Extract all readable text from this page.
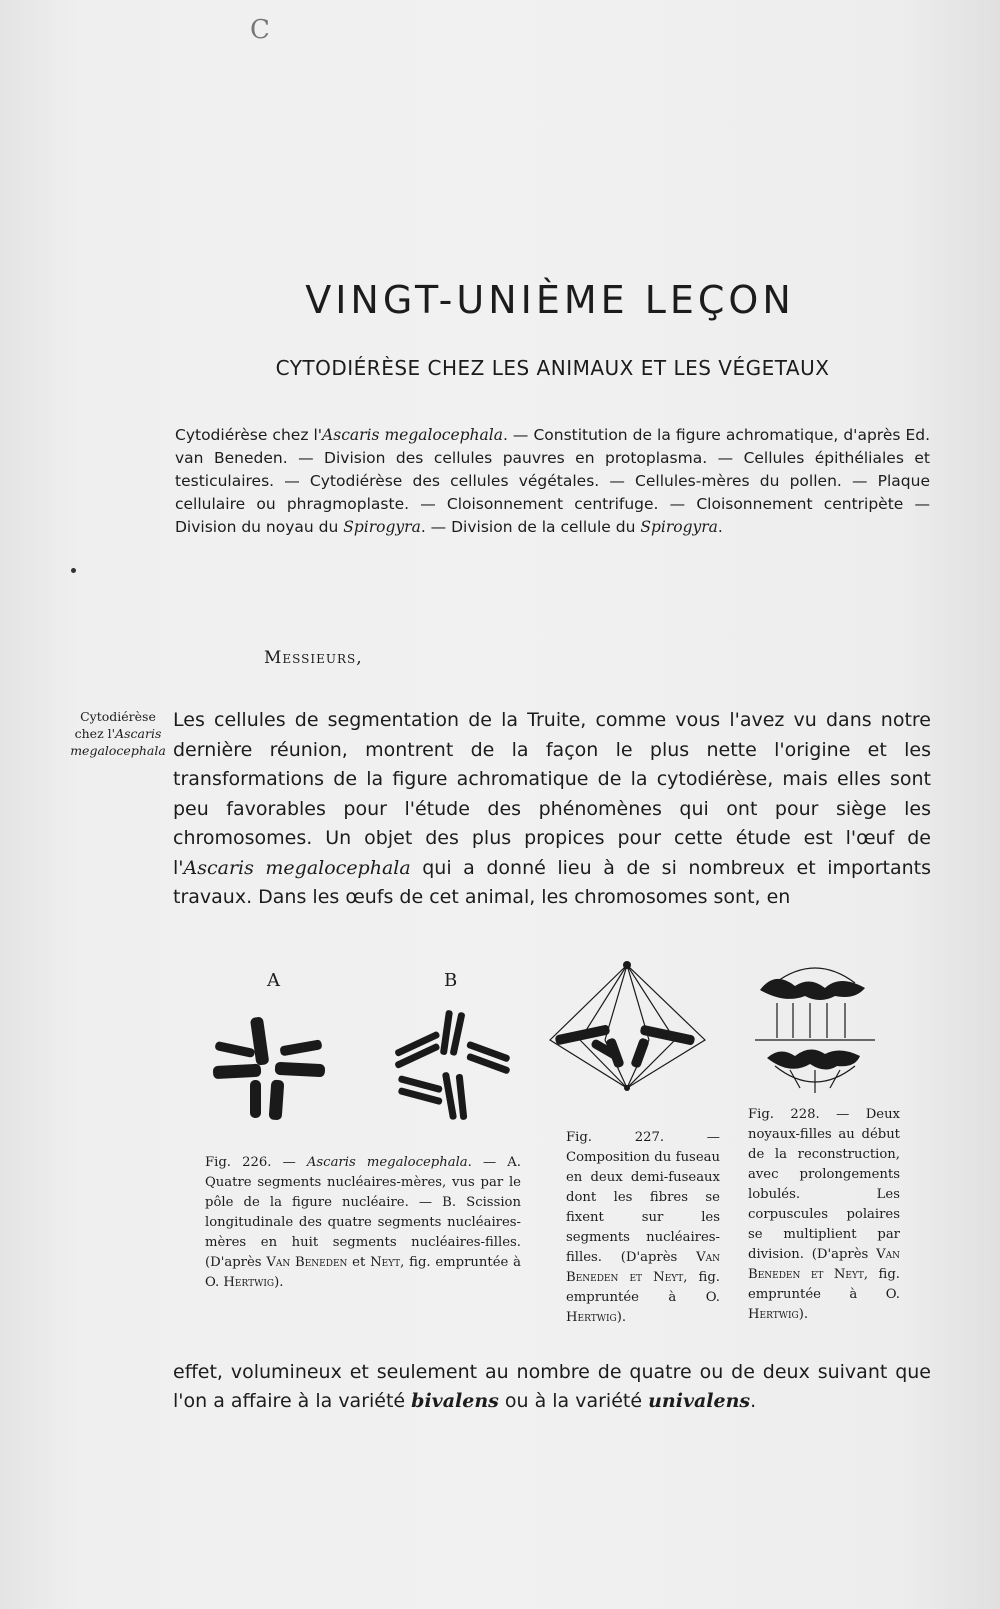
C
VINGT-UNIÈME LEÇON
CYTODIÉRÈSE CHEZ LES ANIMAUX ET LES VÉGETAUX
Cytodiérèse chez l'Ascaris megalocephala. — Constitution de la figure achromatique, d'après Ed. van Beneden. — Division des cellules pauvres en protoplasma. — Cellules épithéliales et testiculaires. — Cytodiérèse des cellules végétales. — Cellules-mères du pollen. — Plaque cellulaire ou phragmoplaste. — Cloisonnement centrifuge. — Cloisonnement centripète — Division du noyau du Spirogyra. — Division de la cellule du Spirogyra.
Messieurs,
Cytodiérèse
chez l'Ascaris
megalocephala
Les cellules de segmentation de la Truite, comme vous l'avez vu dans notre dernière réunion, montrent de la façon le plus nette l'origine et les transformations de la figure achromatique de la cytodiérèse, mais elles sont peu favorables pour l'étude des phénomènes qui ont pour siège les chromosomes. Un objet des plus propices pour cette étude est l'œuf de l'Ascaris megalocephala qui a donné lieu à de si nombreux et importants travaux. Dans les œufs de cet animal, les chromosomes sont, en
A	B
Fig. 226. — Ascaris megalocephala. — A. Quatre segments nucléaires-mères, vus par le pôle de la figure nucléaire. — B. Scission longitudinale des quatre segments nucléaires-mères en huit segments nucléaires-filles. (D'après Van Beneden et Neyt, fig. empruntée à O. Hertwig).
Fig. 227. — Composition du fuseau en deux demi-fuseaux dont les fibres se fixent sur les segments nucléaires-filles. (D'après Van Beneden et Neyt, fig. empruntée à O. Hertwig).
Fig. 228. — Deux noyaux-filles au début de la reconstruction, avec prolongements lobulés. Les corpuscules polaires se multiplient par division. (D'après Van Beneden et Neyt, fig. empruntée à O. Hertwig).
effet, volumineux et seulement au nombre de quatre ou de deux suivant que l'on a affaire à la variété bivalens ou à la variété univalens.
